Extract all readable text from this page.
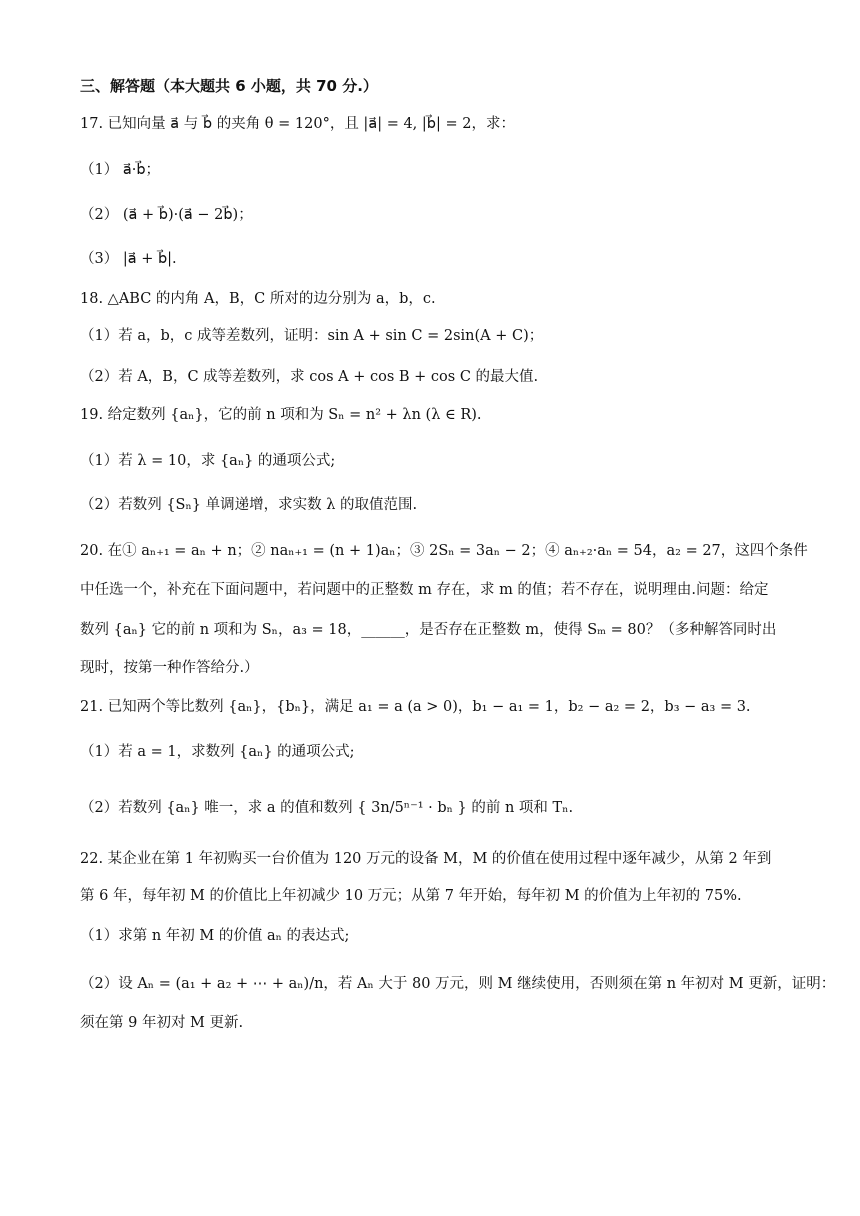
三、解答题（本大题共 6 小题，共 70 分.）
17. 已知向量 a⃗ 与 b⃗ 的夹角 θ = 120°，且 |a⃗| = 4, |b⃗| = 2，求：
（1） a⃗·b⃗；
（2） (a⃗ + b⃗)·(a⃗ − 2b⃗)；
（3） |a⃗ + b⃗|.
18. △ABC 的内角 A，B，C 所对的边分别为 a，b，c.
（1）若 a，b，c 成等差数列，证明：sin A + sin C = 2sin(A + C)；
（2）若 A，B，C 成等差数列，求 cos A + cos B + cos C 的最大值.
19. 给定数列 {aₙ}，它的前 n 项和为 Sₙ = n² + λn (λ ∈ R).
（1）若 λ = 10，求 {aₙ} 的通项公式;
（2）若数列 {Sₙ} 单调递增，求实数 λ 的取值范围.
20. 在① aₙ₊₁ = aₙ + n；② naₙ₊₁ = (n + 1)aₙ；③ 2Sₙ = 3aₙ − 2；④ aₙ₊₂·aₙ = 54，a₂ = 27，这四个条件
中任选一个，补充在下面问题中，若问题中的正整数 m 存在，求 m 的值；若不存在，说明理由.问题：给定
数列 {aₙ} 它的前 n 项和为 Sₙ，a₃ = 18，______，是否存在正整数 m，使得 Sₘ = 80？（多种解答同时出
现时，按第一种作答给分.）
21. 已知两个等比数列 {aₙ}，{bₙ}，满足 a₁ = a (a > 0)，b₁ − a₁ = 1，b₂ − a₂ = 2，b₃ − a₃ = 3.
（1）若 a = 1，求数列 {aₙ} 的通项公式;
（2）若数列 {aₙ} 唯一，求 a 的值和数列 { 3n/5ⁿ⁻¹ · bₙ } 的前 n 项和 Tₙ.
22. 某企业在第 1 年初购买一台价值为 120 万元的设备 M，M 的价值在使用过程中逐年减少，从第 2 年到
第 6 年，每年初 M 的价值比上年初减少 10 万元；从第 7 年开始，每年初 M 的价值为上年初的 75%.
（1）求第 n 年初 M 的价值 aₙ 的表达式;
（2）设 Aₙ = (a₁ + a₂ + ⋯ + aₙ)/n，若 Aₙ 大于 80 万元，则 M 继续使用，否则须在第 n 年初对 M 更新，证明：
须在第 9 年初对 M 更新.
